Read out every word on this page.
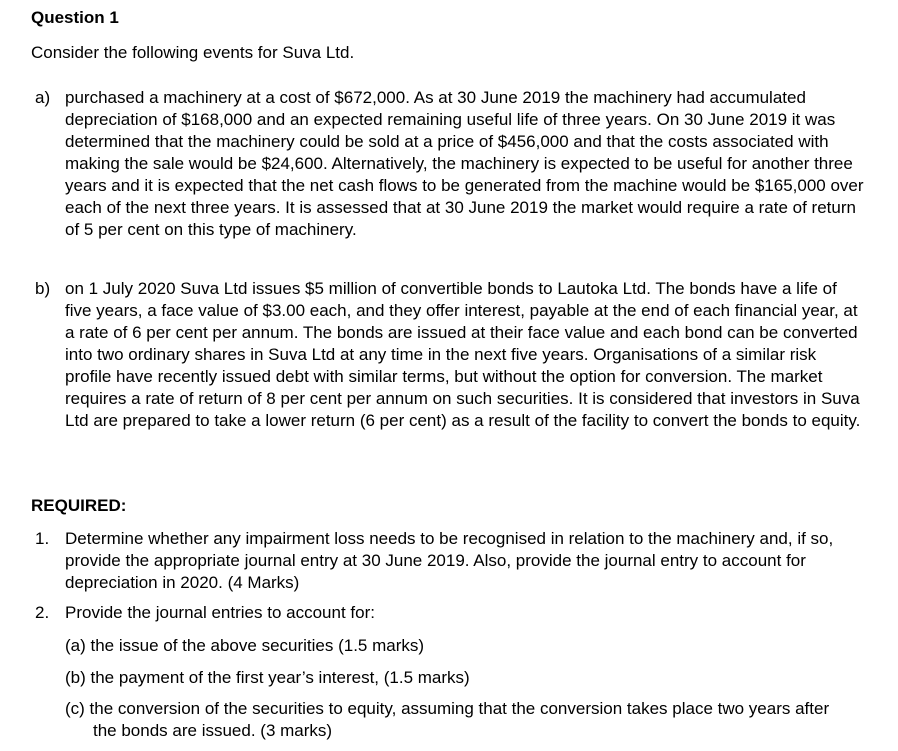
Question 1
Consider the following events for Suva Ltd.
a) purchased a machinery at a cost of $672,000. As at 30 June 2019 the machinery had accumulated depreciation of $168,000 and an expected remaining useful life of three years. On 30 June 2019 it was determined that the machinery could be sold at a price of $456,000 and that the costs associated with making the sale would be $24,600. Alternatively, the machinery is expected to be useful for another three years and it is expected that the net cash flows to be generated from the machine would be $165,000 over each of the next three years. It is assessed that at 30 June 2019 the market would require a rate of return of 5 per cent on this type of machinery.
b) on 1 July 2020 Suva Ltd issues $5 million of convertible bonds to Lautoka Ltd. The bonds have a life of five years, a face value of $3.00 each, and they offer interest, payable at the end of each financial year, at a rate of 6 per cent per annum. The bonds are issued at their face value and each bond can be converted into two ordinary shares in Suva Ltd at any time in the next five years. Organisations of a similar risk profile have recently issued debt with similar terms, but without the option for conversion. The market requires a rate of return of 8 per cent per annum on such securities. It is considered that investors in Suva Ltd are prepared to take a lower return (6 per cent) as a result of the facility to convert the bonds to equity.
REQUIRED:
1. Determine whether any impairment loss needs to be recognised in relation to the machinery and, if so, provide the appropriate journal entry at 30 June 2019. Also, provide the journal entry to account for depreciation in 2020. (4 Marks)
2. Provide the journal entries to account for:
(a) the issue of the above securities (1.5 marks)
(b) the payment of the first year’s interest, (1.5 marks)
(c) the conversion of the securities to equity, assuming that the conversion takes place two years after the bonds are issued. (3 marks)
